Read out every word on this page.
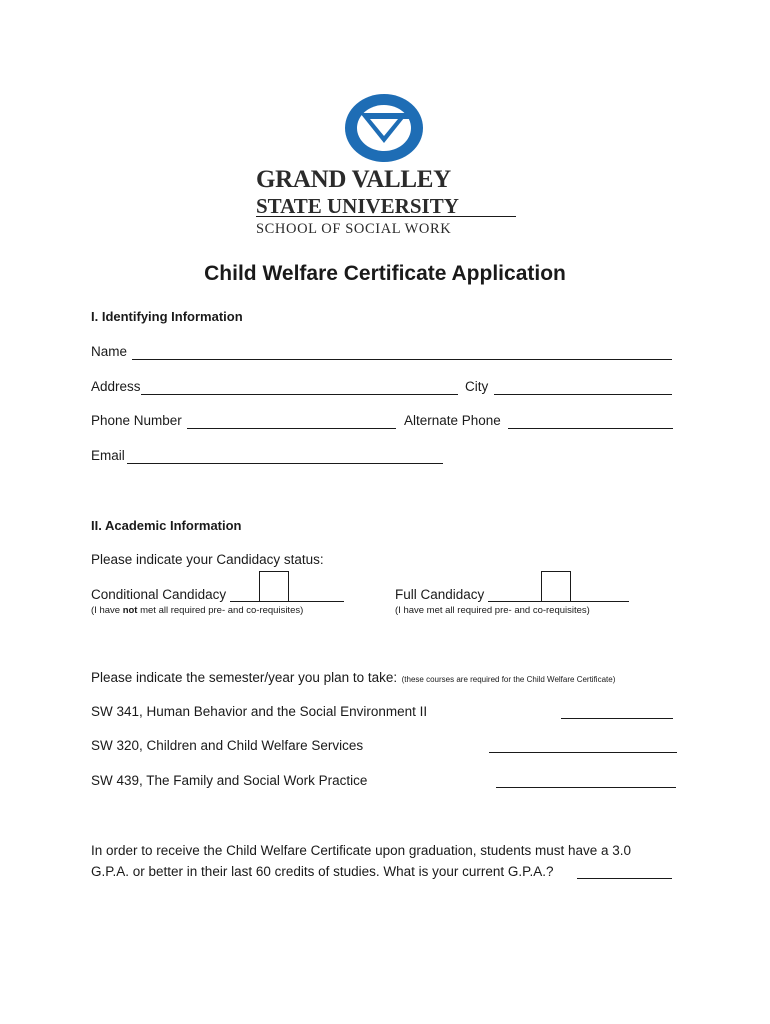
GRAND VALLEY
STATE UNIVERSITY
SCHOOL OF SOCIAL WORK
Child Welfare Certificate Application
I. Identifying Information
Name
Address	City
Phone Number	Alternate Phone
Email
II. Academic Information
Please indicate your Candidacy status:
Conditional Candidacy
(I have not met all required pre- and co-requisites)
Full Candidacy
(I have met all required pre- and co-requisites)
Please indicate the semester/year you plan to take: (these courses are required for the Child Welfare Certificate)
SW 341, Human Behavior and the Social Environment II
SW 320, Children and Child Welfare Services
SW 439, The Family and Social Work Practice
In order to receive the Child Welfare Certificate upon graduation, students must have a 3.0
G.P.A. or better in their last 60 credits of studies. What is your current G.P.A.?
